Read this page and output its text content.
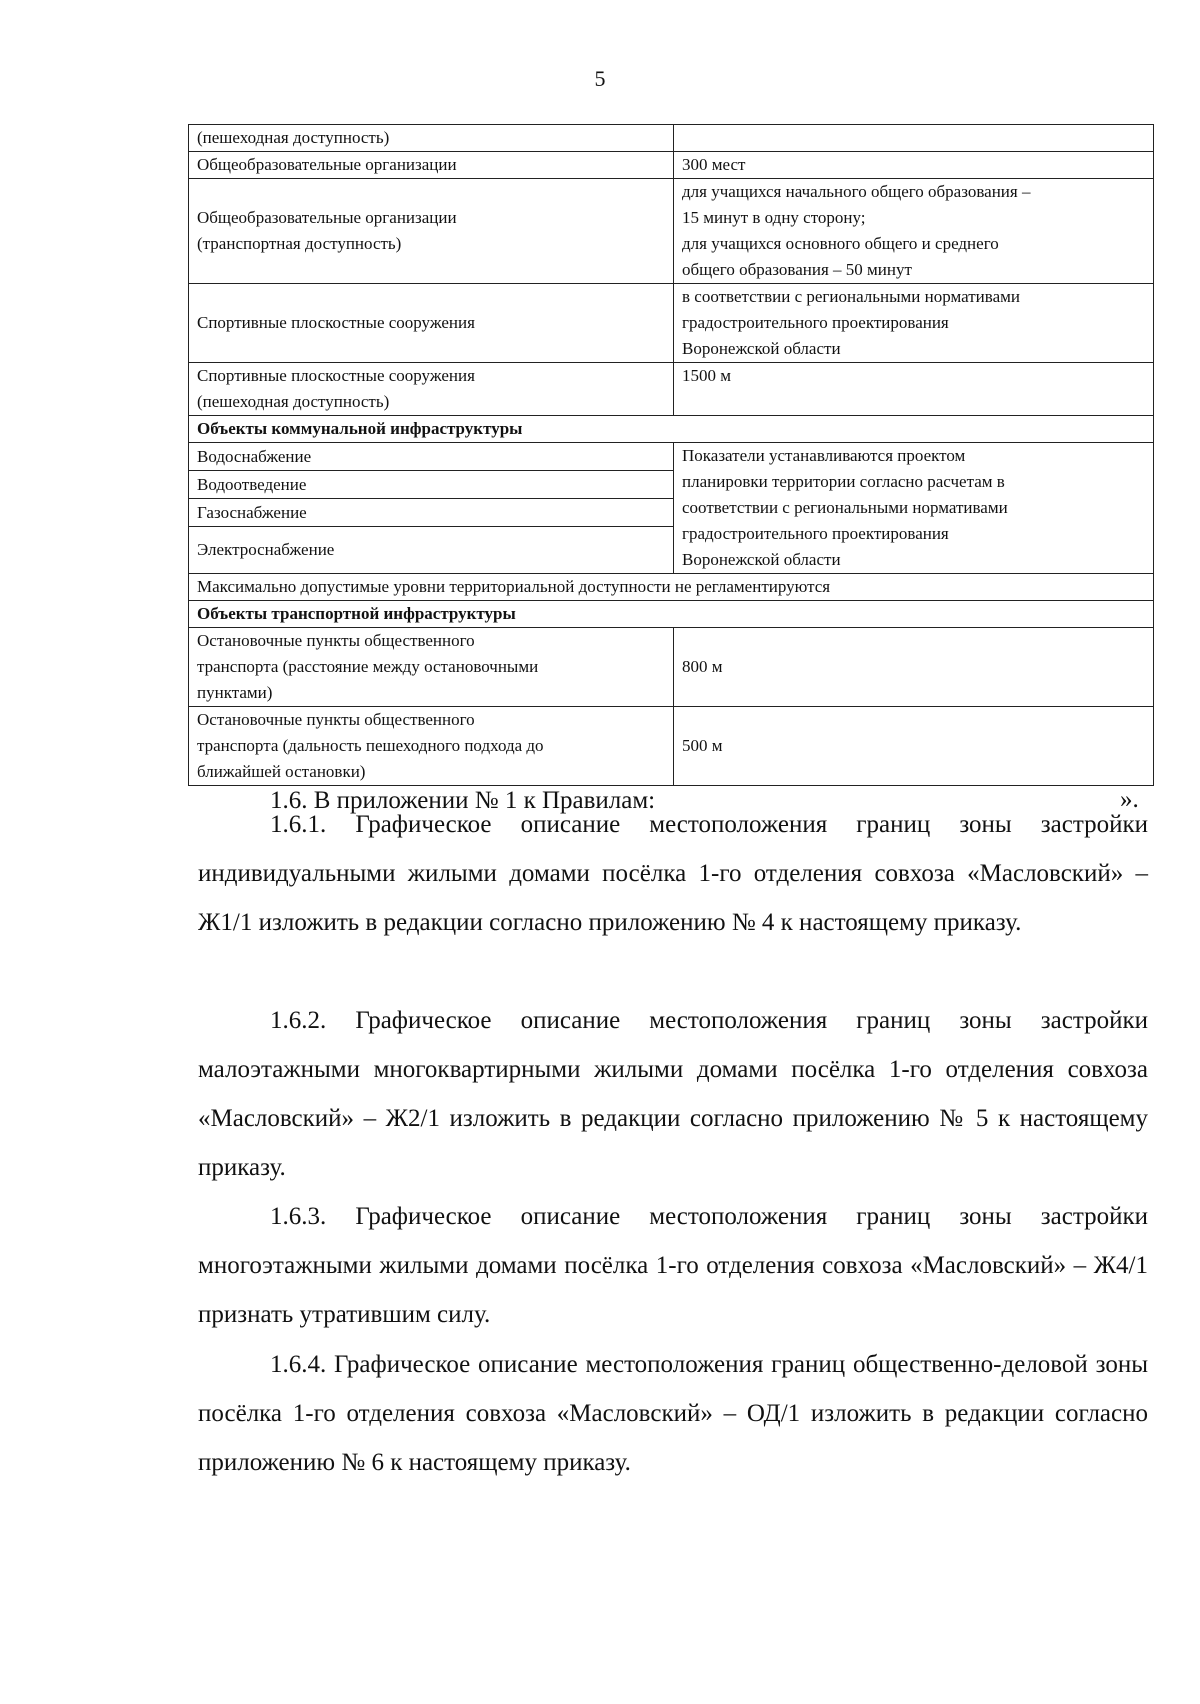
5
(пешеходная доступность)	

Общеобразовательные организации	300 мест

Общеобразовательные организации
(транспортная доступность)	для учащихся начального общего образования –
15 минут в одну сторону;
для учащихся основного общего и среднего
общего образования – 50 минут

Спортивные плоскостные сооружения	в соответствии с региональными нормативами
градостроительного проектирования
Воронежской области

Спортивные плоскостные сооружения
(пешеходная доступность)	1500 м

Объекты коммунальной инфраструктуры	
Водоснабжение	Показатели устанавливаются проектом
планировки территории согласно расчетам в
соответствии с региональными нормативами
градостроительного проектирования
Воронежской области

Водоотведение	
Газоснабжение	
Электроснабжение	
Максимально допустимые уровни территориальной доступности не регламентируются	
Объекты транспортной инфраструктуры	

Остановочные пункты общественного
транспорта (расстояние между остановочными
пунктами)	800 м

Остановочные пункты общественного
транспорта (дальность пешеходного подхода до
ближайшей остановки)	500 м
».

1.6. В приложении № 1 к Правилам:

1.6.1. Графическое описание местоположения границ зоны застройки индивидуальными жилыми домами посёлка 1-го отделения совхоза «Масловский» – Ж1/1 изложить в редакции согласно приложению № 4 к настоящему приказу.

1.6.2. Графическое описание местоположения границ зоны застройки малоэтажными многоквартирными жилыми домами посёлка 1-го отделения совхоза «Масловский» – Ж2/1 изложить в редакции согласно приложению № 5 к настоящему приказу.

1.6.3. Графическое описание местоположения границ зоны застройки многоэтажными жилыми домами посёлка 1-го отделения совхоза «Масловский» – Ж4/1 признать утратившим силу.

1.6.4. Графическое описание местоположения границ общественно-деловой зоны посёлка 1-го отделения совхоза «Масловский» – ОД/1 изложить в редакции согласно приложению № 6 к настоящему приказу.
